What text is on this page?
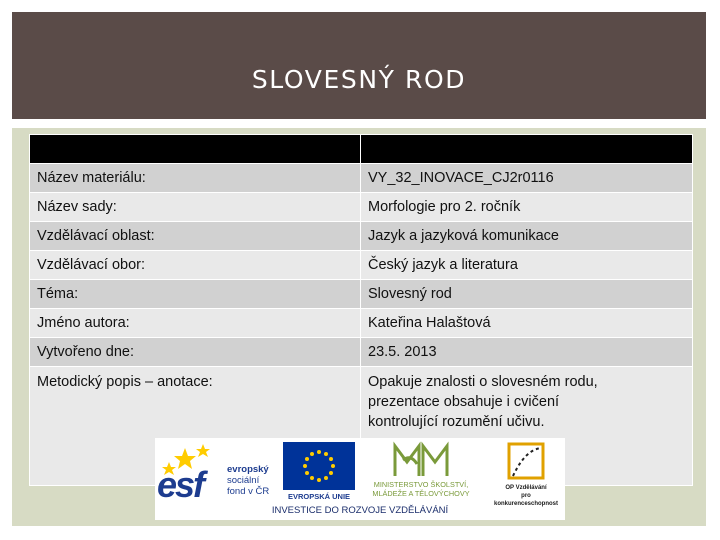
SLOVESNÝ ROD

Název materiálu:	VY_32_INOVACE_CJ2r0116
Název sady:	Morfologie pro 2. ročník
Vzdělávací oblast:	Jazyk a jazyková komunikace
Vzdělávací obor:	Český jazyk a literatura
Téma:	Slovesný rod
Jméno autora:	Kateřina Halaštová
Vytvořeno dne:	23.5. 2013
Metodický popis – anotace:	Opakuje znalosti o slovesném rodu,
prezentace obsahuje i cvičení
kontrolující rozumění učivu.
esf	evropský
sociální
fond v ČR	EVROPSKÁ UNIE
MINISTERSTVO ŠKOLSTVÍ,
MLÁDEŽE A TĚLOVÝCHOVY
OP Vzdělávání
pro konkurenceschopnost
INVESTICE DO ROZVOJE VZDĚLÁVÁNÍ
